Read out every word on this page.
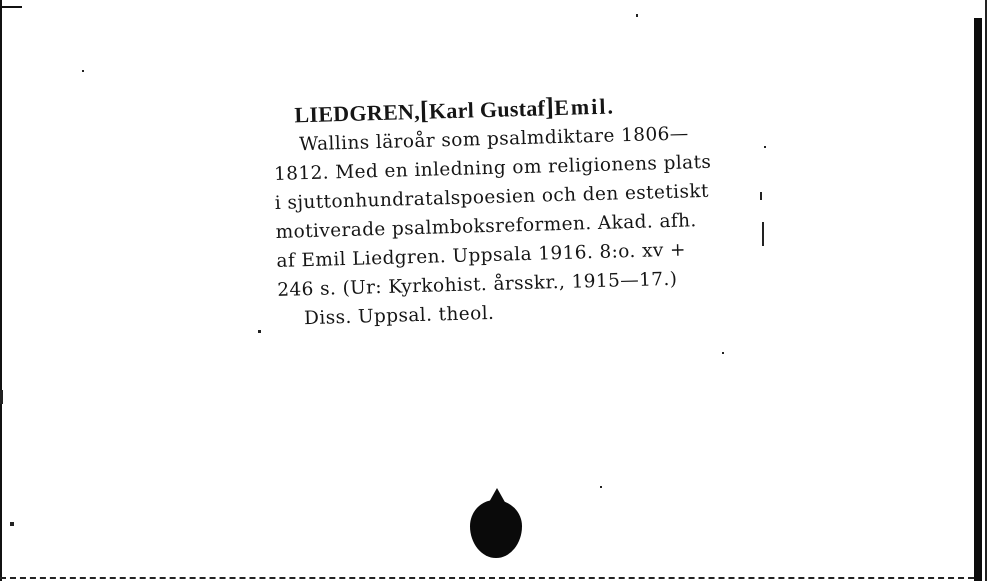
LIEDGREN,[Karl Gustaf]Emil.
Wallins läroår som psalmdiktare 1806—
1812. Med en inledning om religionens plats
i sjuttonhundratalspoesien och den estetiskt
motiverade psalmboksreformen. Akad. afh.
af Emil Liedgren. Uppsala 1916. 8:o. xv +
246 s. (Ur: Kyrkohist. årsskr., 1915—17.)
Diss. Uppsal. theol.
